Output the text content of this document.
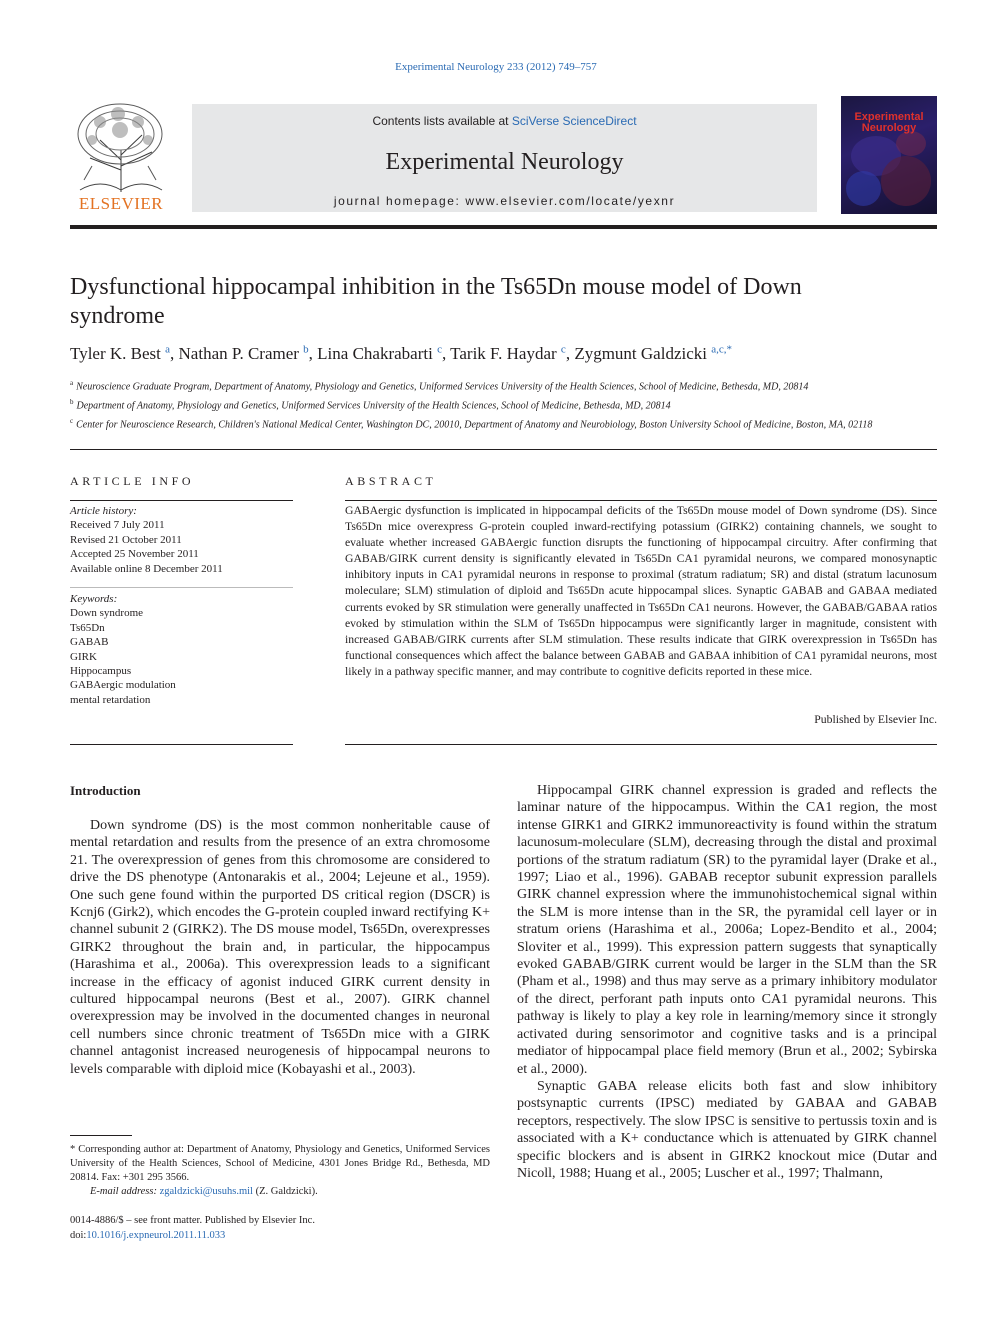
Experimental Neurology 233 (2012) 749–757
ELSEVIER
Contents lists available at SciVerse ScienceDirect
Experimental Neurology
journal homepage: www.elsevier.com/locate/yexnr
Experimental Neurology
Dysfunctional hippocampal inhibition in the Ts65Dn mouse model of Down syndrome
Tyler K. Best $^a$, Nathan P. Cramer $^b$, Lina Chakrabarti $^c$, Tarik F. Haydar $^c$, Zygmunt Galdzicki $^{a,c,*}$
$^a$ Neuroscience Graduate Program, Department of Anatomy, Physiology and Genetics, Uniformed Services University of the Health Sciences, School of Medicine, Bethesda, MD, 20814
$^b$ Department of Anatomy, Physiology and Genetics, Uniformed Services University of the Health Sciences, School of Medicine, Bethesda, MD, 20814
$^c$ Center for Neuroscience Research, Children's National Medical Center, Washington DC, 20010, Department of Anatomy and Neurobiology, Boston University School of Medicine, Boston, MA, 02118
ARTICLE INFO
Article history:
Received 7 July 2011
Revised 21 October 2011
Accepted 25 November 2011
Available online 8 December 2011
Keywords:
Down syndrome
Ts65Dn
GABAB
GIRK
Hippocampus
GABAergic modulation
mental retardation
ABSTRACT
GABAergic dysfunction is implicated in hippocampal deficits of the Ts65Dn mouse model of Down syndrome (DS). Since Ts65Dn mice overexpress G-protein coupled inward-rectifying potassium (GIRK2) containing channels, we sought to evaluate whether increased GABAergic function disrupts the functioning of hippocampal circuitry. After confirming that GABAB/GIRK current density is significantly elevated in Ts65Dn CA1 pyramidal neurons, we compared monosynaptic inhibitory inputs in CA1 pyramidal neurons in response to proximal (stratum radiatum; SR) and distal (stratum lacunosum moleculare; SLM) stimulation of diploid and Ts65Dn acute hippocampal slices. Synaptic GABAB and GABAA mediated currents evoked by SR stimulation were generally unaffected in Ts65Dn CA1 neurons. However, the GABAB/GABAA ratios evoked by stimulation within the SLM of Ts65Dn hippocampus were significantly larger in magnitude, consistent with increased GABAB/GIRK currents after SLM stimulation. These results indicate that GIRK overexpression in Ts65Dn has functional consequences which affect the balance between GABAB and GABAA inhibition of CA1 pyramidal neurons, most likely in a pathway specific manner, and may contribute to cognitive deficits reported in these mice.
Published by Elsevier Inc.
Introduction

Down syndrome (DS) is the most common nonheritable cause of mental retardation and results from the presence of an extra chromosome 21. The overexpression of genes from this chromosome are considered to drive the DS phenotype (Antonarakis et al., 2004; Lejeune et al., 1959). One such gene found within the purported DS critical region (DSCR) is Kcnj6 (Girk2), which encodes the G-protein coupled inward rectifying K+ channel subunit 2 (GIRK2). The DS mouse model, Ts65Dn, overexpresses GIRK2 throughout the brain and, in particular, the hippocampus (Harashima et al., 2006a). This overexpression leads to a significant increase in the efficacy of agonist induced GIRK current density in cultured hippocampal neurons (Best et al., 2007). GIRK channel overexpression may be involved in the documented changes in neuronal cell numbers since chronic treatment of Ts65Dn mice with a GIRK channel antagonist increased neurogenesis of hippocampal neurons to levels comparable with diploid mice (Kobayashi et al., 2003).

Hippocampal GIRK channel expression is graded and reflects the laminar nature of the hippocampus. Within the CA1 region, the most intense GIRK1 and GIRK2 immunoreactivity is found within the stratum lacunosum-moleculare (SLM), decreasing through the distal and proximal portions of the stratum radiatum (SR) to the pyramidal layer (Drake et al., 1997; Liao et al., 1996). GABAB receptor subunit expression parallels GIRK channel expression where the immunohistochemical signal within the SLM is more intense than in the SR, the pyramidal cell layer or in stratum oriens (Harashima et al., 2006a; Lopez-Bendito et al., 2004; Sloviter et al., 1999). This expression pattern suggests that synaptically evoked GABAB/GIRK current would be larger in the SLM than the SR (Pham et al., 1998) and thus may serve as a primary inhibitory modulator of the direct, perforant path inputs onto CA1 pyramidal neurons. This pathway is likely to play a key role in learning/memory since it strongly activated during sensorimotor and cognitive tasks and is a principal mediator of hippocampal place field memory (Brun et al., 2002; Sybirska et al., 2000).

Synaptic GABA release elicits both fast and slow inhibitory postsynaptic currents (IPSC) mediated by GABAA and GABAB receptors, respectively. The slow IPSC is sensitive to pertussis toxin and is associated with a K+ conductance which is attenuated by GIRK channel specific blockers and is absent in GIRK2 knockout mice (Dutar and Nicoll, 1988; Huang et al., 2005; Luscher et al., 1997; Thalmann,

* Corresponding author at: Department of Anatomy, Physiology and Genetics, Uniformed Services University of the Health Sciences, School of Medicine, 4301 Jones Bridge Rd., Bethesda, MD 20814. Fax: +301 295 3566.
E-mail address: zgaldzicki@usuhs.mil (Z. Galdzicki).
0014-4886/$ – see front matter. Published by Elsevier Inc.
doi:10.1016/j.expneurol.2011.11.033
